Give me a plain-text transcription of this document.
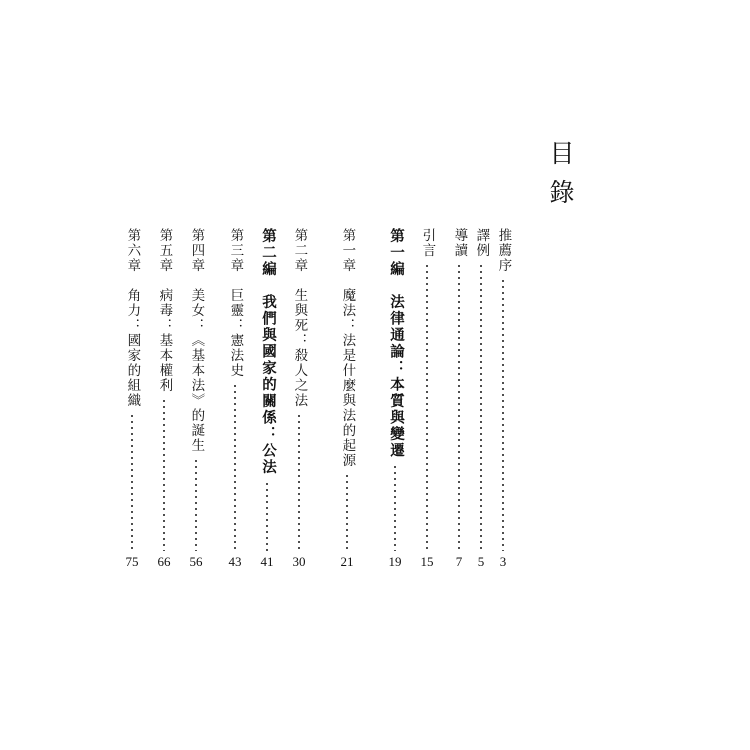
目錄
第六章　角力：國家的組織
75
第五章　病毒：基本權利
66
第四章　美女：《基本法》的誕生
56
第三章　巨靈：憲法史
43
第二編　我們與國家的關係：公法
41
第二章　生與死：殺人之法
30
第一章　魔法：法是什麼與法的起源
21
第一編　法律通論：本質與變遷
19
引言
15
導讀
7
譯例
5
推薦序
3
